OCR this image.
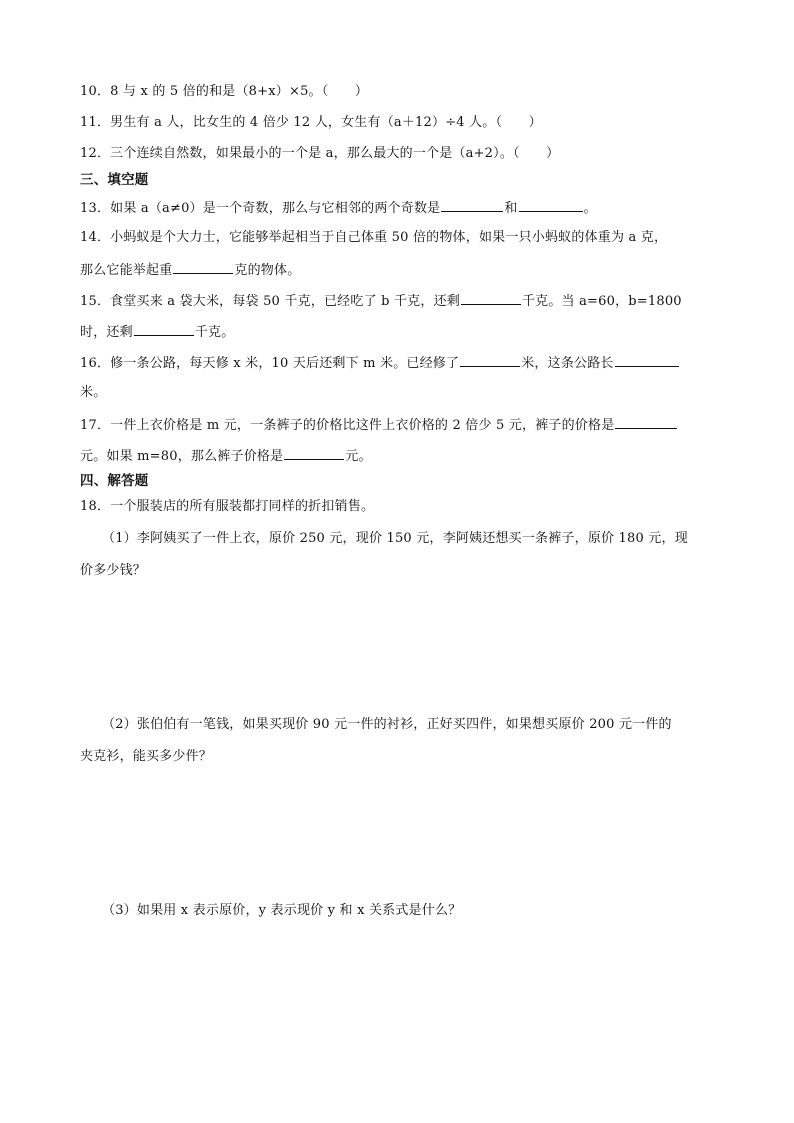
10．8 与 x 的 5 倍的和是（8+x）×5。（　　）
11．男生有 a 人，比女生的 4 倍少 12 人，女生有（a＋12）÷4 人。（　　）
12．三个连续自然数，如果最小的一个是 a，那么最大的一个是（a+2）。（　　）
三、填空题
13．如果 a（a≠0）是一个奇数，那么与它相邻的两个奇数是	和	。
14．小蚂蚁是个大力士，它能够举起相当于自己体重 50 倍的物体，如果一只小蚂蚁的体重为 a 克，
那么它能举起重	克的物体。
15．食堂买来 a 袋大米，每袋 50 千克，已经吃了 b 千克，还剩	千克。当 a=60，b=1800
时，还剩	千克。
16．修一条公路，每天修 x 米，10 天后还剩下 m 米。已经修了	米，这条公路长
米。
17．一件上衣价格是 m 元，一条裤子的价格比这件上衣价格的 2 倍少 5 元，裤子的价格是
元。如果 m=80，那么裤子价格是	元。
四、解答题
18．一个服装店的所有服装都打同样的折扣销售。
（1）李阿姨买了一件上衣，原价 250 元，现价 150 元，李阿姨还想买一条裤子，原价 180 元，现
价多少钱？
（2）张伯伯有一笔钱，如果买现价 90 元一件的衬衫，正好买四件，如果想买原价 200 元一件的
夹克衫，能买多少件？
（3）如果用 x 表示原价，y 表示现价 y 和 x 关系式是什么？
